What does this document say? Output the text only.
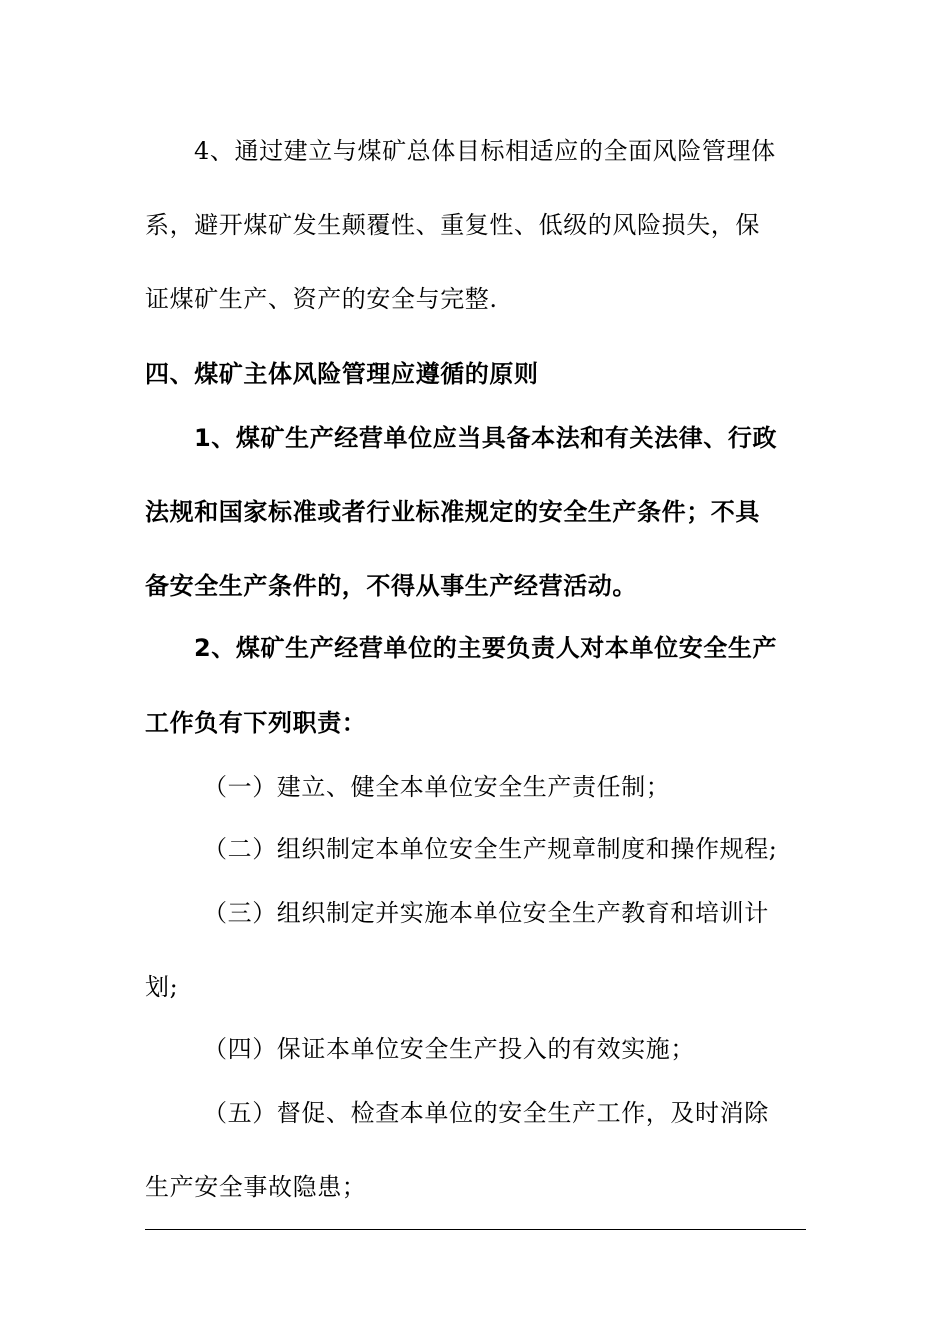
4、通过建立与煤矿总体目标相适应的全面风险管理体
系，避开煤矿发生颠覆性、重复性、低级的风险损失，保
证煤矿生产、资产的安全与完整.
四、煤矿主体风险管理应遵循的原则
1、煤矿生产经营单位应当具备本法和有关法律、行政
法规和国家标准或者行业标准规定的安全生产条件；不具
备安全生产条件的，不得从事生产经营活动。
2、煤矿生产经营单位的主要负责人对本单位安全生产
工作负有下列职责：
（一）建立、健全本单位安全生产责任制；
（二）组织制定本单位安全生产规章制度和操作规程;
（三）组织制定并实施本单位安全生产教育和培训计
划;
（四）保证本单位安全生产投入的有效实施；
（五）督促、检查本单位的安全生产工作，及时消除
生产安全事故隐患；
